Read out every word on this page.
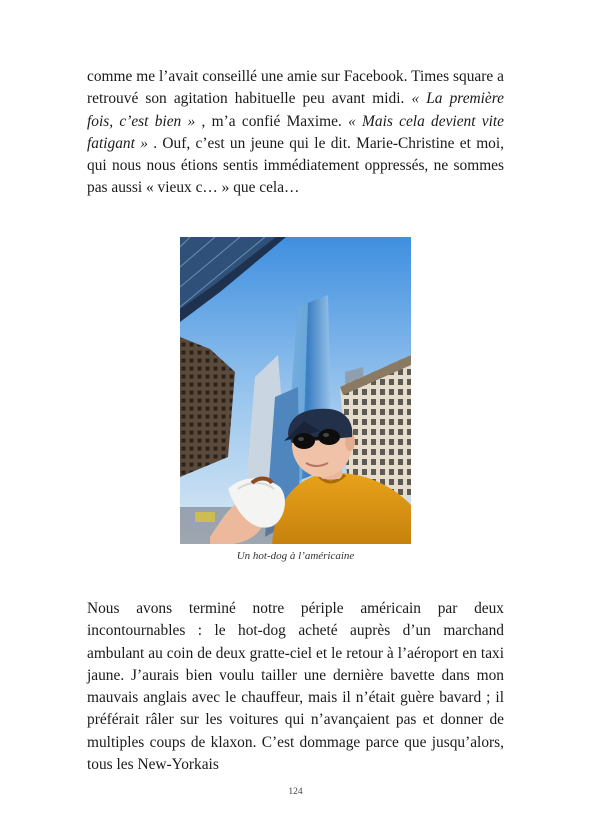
comme me l’avait conseillé une amie sur Facebook. Times square a retrouvé son agitation habituelle peu avant midi. « La première fois, c’est bien » , m’a confié Maxime. « Mais cela devient vite fatigant » . Ouf, c’est un jeune qui le dit. Marie-Christine et moi, qui nous nous étions sentis immédiatement oppressés, ne sommes pas aussi « vieux c… » que cela…

Un hot-dog à l’américaine

Nous avons terminé notre périple américain par deux incontournables : le hot-dog acheté auprès d’un marchand ambulant au coin de deux gratte-ciel et le retour à l’aéroport en taxi jaune. J’aurais bien voulu tailler une dernière bavette dans mon mauvais anglais avec le chauffeur, mais il n’était guère bavard ; il préférait râler sur les voitures qui n’avançaient pas et donner de multiples coups de klaxon. C’est dommage parce que jusqu’alors, tous les New-Yorkais

124
